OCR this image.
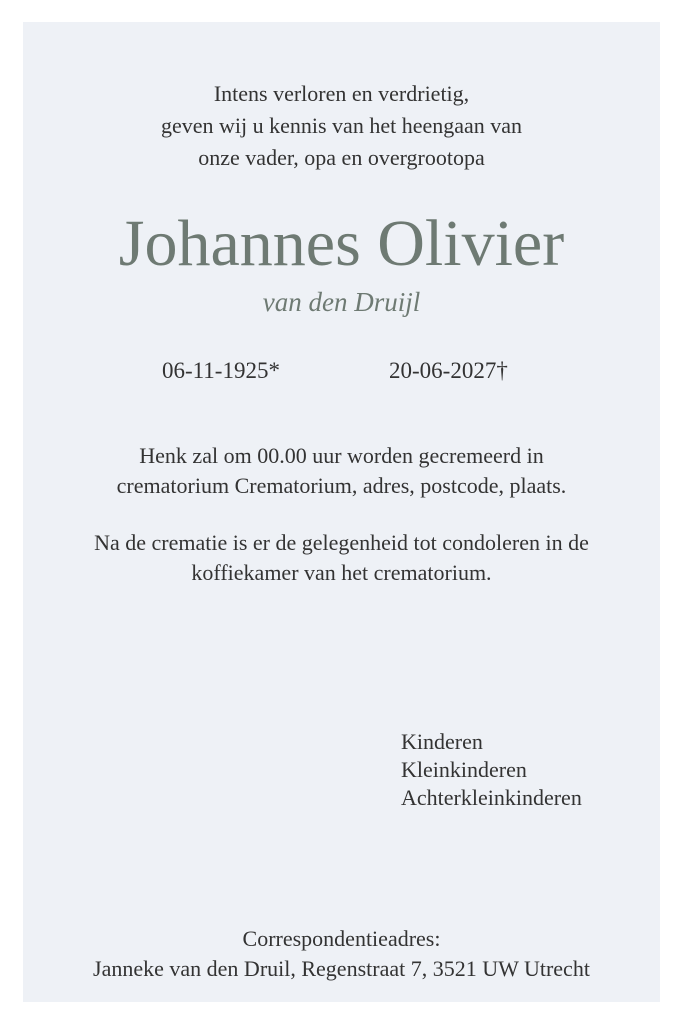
Intens verloren en verdrietig,
geven wij u kennis van het heengaan van
onze vader, opa en overgrootopa
Johannes Olivier
van den Druijl
06-11-1925*	20-06-2027†
Henk zal om 00.00 uur worden gecremeerd in
crematorium Crematorium, adres, postcode, plaats.
Na de crematie is er de gelegenheid tot condoleren in de
koffiekamer van het crematorium.
Kinderen
Kleinkinderen
Achterkleinkinderen
Correspondentieadres:
Janneke van den Druil, Regenstraat 7, 3521 UW Utrecht
